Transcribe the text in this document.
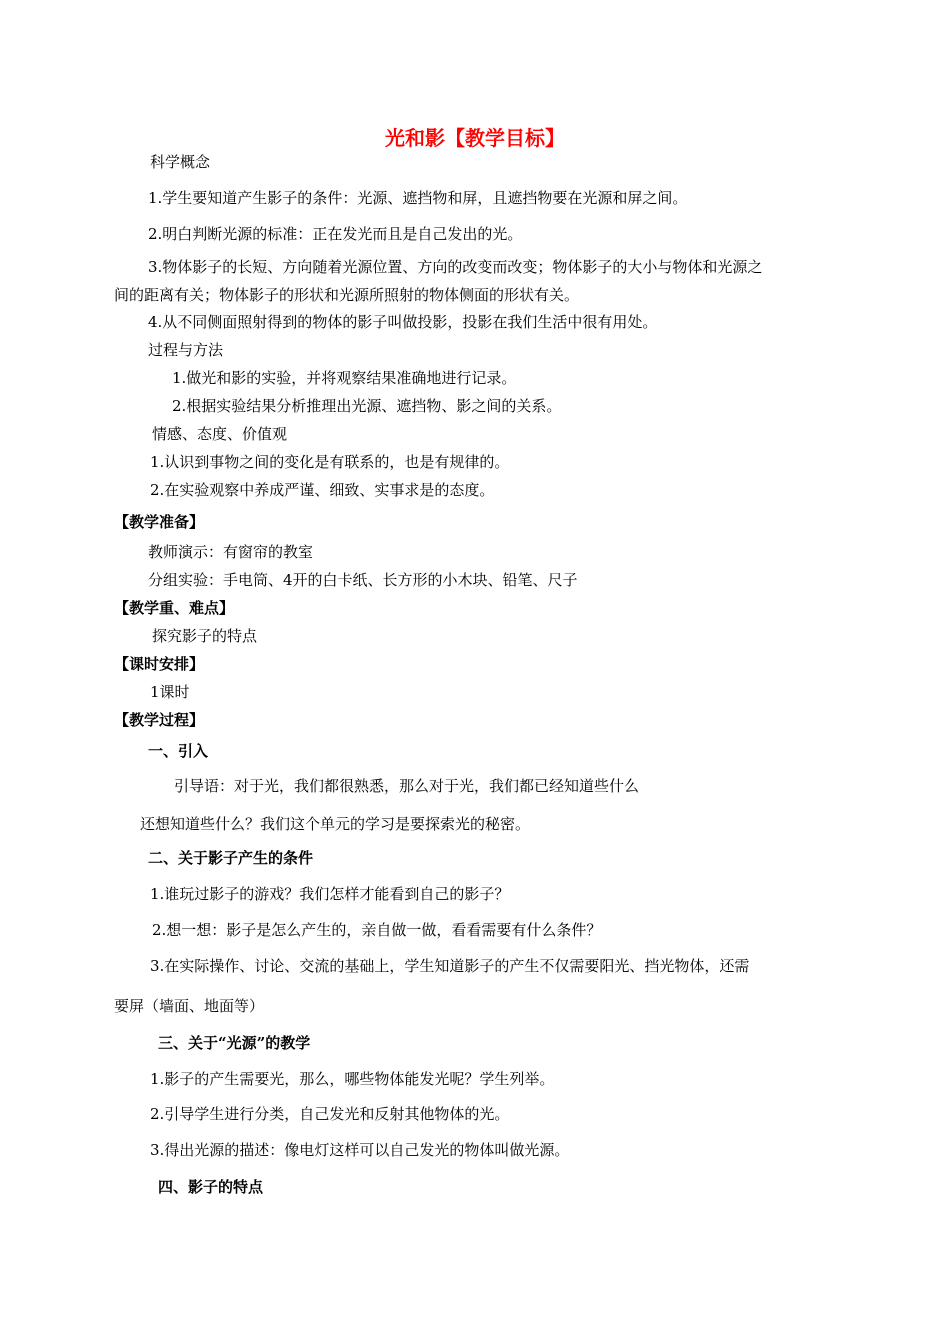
光和影【教学目标】
科学概念
1.学生要知道产生影子的条件：光源、遮挡物和屏，且遮挡物要在光源和屏之间。
2.明白判断光源的标准：正在发光而且是自己发出的光。
3.物体影子的长短、方向随着光源位置、方向的改变而改变；物体影子的大小与物体和光源之
间的距离有关；物体影子的形状和光源所照射的物体侧面的形状有关。
4.从不同侧面照射得到的物体的影子叫做投影，投影在我们生活中很有用处。
过程与方法
1.做光和影的实验，并将观察结果准确地进行记录。
2.根据实验结果分析推理出光源、遮挡物、影之间的关系。
情感、态度、价值观
1.认识到事物之间的变化是有联系的，也是有规律的。
2.在实验观察中养成严谨、细致、实事求是的态度。
【教学准备】
教师演示：有窗帘的教室
分组实验：手电筒、4开的白卡纸、长方形的小木块、铅笔、尺子
【教学重、难点】
探究影子的特点
【课时安排】
1课时
【教学过程】
一、引入
引导语：对于光，我们都很熟悉，那么对于光，我们都已经知道些什么
还想知道些什么？我们这个单元的学习是要探索光的秘密。
二、关于影子产生的条件
1.谁玩过影子的游戏？我们怎样才能看到自己的影子？
2.想一想：影子是怎么产生的，亲自做一做，看看需要有什么条件？
3.在实际操作、讨论、交流的基础上，学生知道影子的产生不仅需要阳光、挡光物体，还需
要屏（墙面、地面等）
三、关于“光源”的教学
1.影子的产生需要光，那么，哪些物体能发光呢？学生列举。
2.引导学生进行分类，自己发光和反射其他物体的光。
3.得出光源的描述：像电灯这样可以自己发光的物体叫做光源。
四、影子的特点
